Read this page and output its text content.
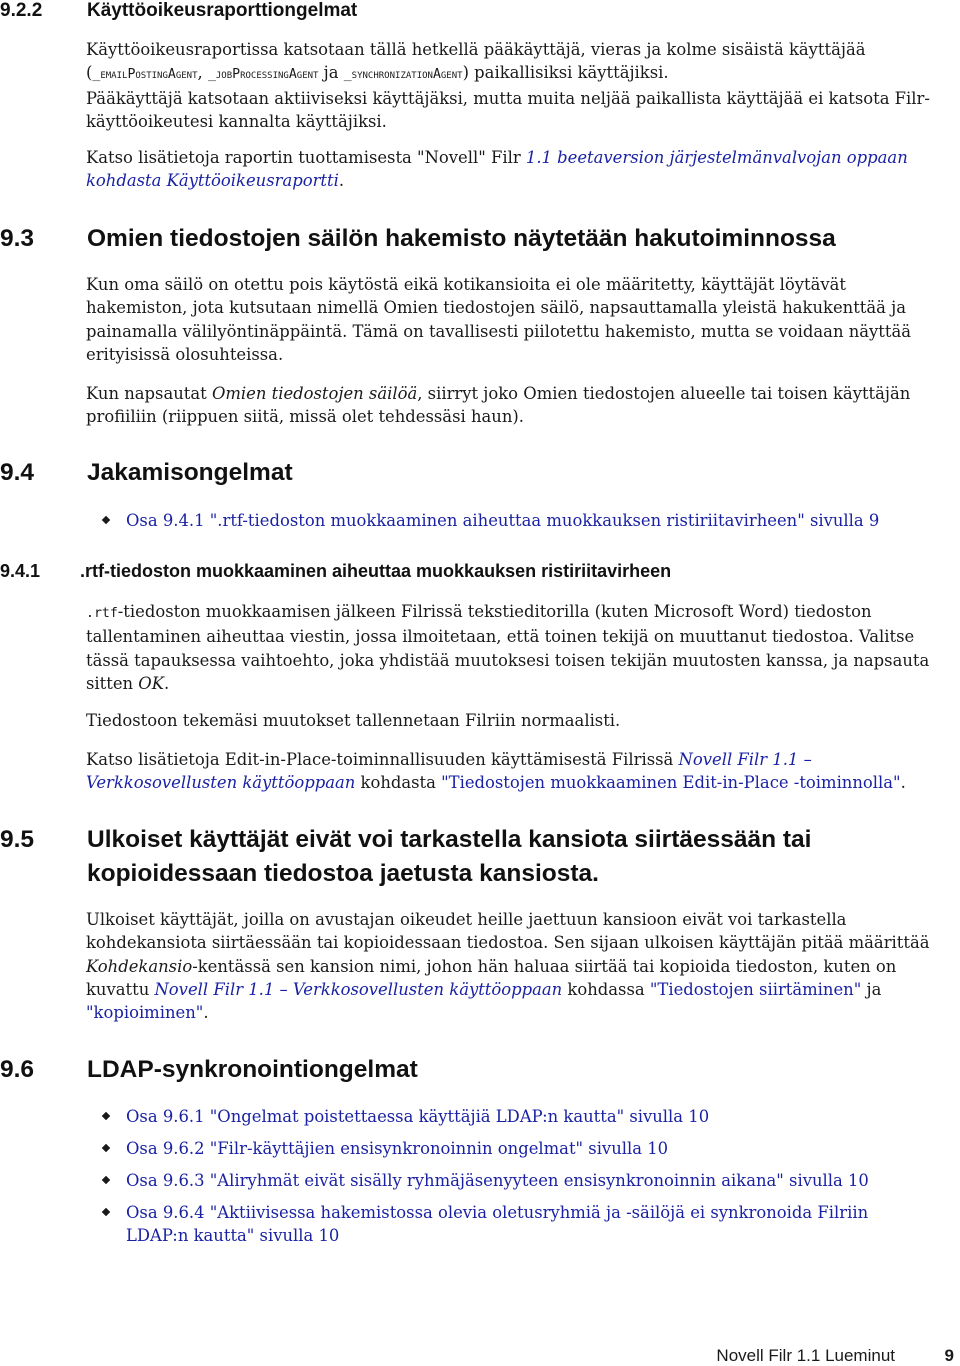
9.2.2 Käyttöoikeusraporttiongelmat

Käyttöoikeusraportissa katsotaan tällä hetkellä pääkäyttäjä, vieras ja kolme sisäistä käyttäjää
(_emailPostingAgent, _jobProcessingAgent ja _synchronizationAgent) paikallisiksi käyttäjiksi.
Pääkäyttäjä katsotaan aktiiviseksi käyttäjäksi, mutta muita neljää paikallista käyttäjää ei katsota Filr-
käyttöoikeutesi kannalta käyttäjiksi.

Katso lisätietoja raportin tuottamisesta "Novell" Filr 1.1 beetaversion järjestelmänvalvojan oppaan
kohdasta Käyttöoikeusraportti.

9.3 Omien tiedostojen säilön hakemisto näytetään hakutoiminnossa

Kun oma säilö on otettu pois käytöstä eikä kotikansioita ei ole määritetty, käyttäjät löytävät
hakemiston, jota kutsutaan nimellä Omien tiedostojen säilö, napsauttamalla yleistä hakukenttää ja
painamalla välilyöntinäppäintä. Tämä on tavallisesti piilotettu hakemisto, mutta se voidaan näyttää
erityisissä olosuhteissa.

Kun napsautat Omien tiedostojen säilöä, siirryt joko Omien tiedostojen alueelle tai toisen käyttäjän
profiiliin (riippuen siitä, missä olet tehdessäsi haun).

9.4 Jakamisongelmat
Osa 9.4.1 ".rtf-tiedoston muokkaaminen aiheuttaa muokkauksen ristiriitavirheen" sivulla 9
9.4.1 .rtf-tiedoston muokkaaminen aiheuttaa muokkauksen ristiriitavirheen

.rtf-tiedoston muokkaamisen jälkeen Filrissä tekstieditorilla (kuten Microsoft Word) tiedoston
tallentaminen aiheuttaa viestin, jossa ilmoitetaan, että toinen tekijä on muuttanut tiedostoa. Valitse
tässä tapauksessa vaihtoehto, joka yhdistää muutoksesi toisen tekijän muutosten kanssa, ja napsauta
sitten OK.

Tiedostoon tekemäsi muutokset tallennetaan Filriin normaalisti.

Katso lisätietoja Edit-in-Place-toiminnallisuuden käyttämisestä Filrissä Novell Filr 1.1 –
Verkkosovellusten käyttöoppaan kohdasta "Tiedostojen muokkaaminen Edit-in-Place -toiminnolla".

9.5 Ulkoiset käyttäjät eivät voi tarkastella kansiota siirtäessään tai
kopioidessaan tiedostoa jaetusta kansiosta.

Ulkoiset käyttäjät, joilla on avustajan oikeudet heille jaettuun kansioon eivät voi tarkastella
kohdekansiota siirtäessään tai kopioidessaan tiedostoa. Sen sijaan ulkoisen käyttäjän pitää määrittää
Kohdekansio-kentässä sen kansion nimi, johon hän haluaa siirtää tai kopioida tiedoston, kuten on
kuvattu Novell Filr 1.1 – Verkkosovellusten käyttöoppaan kohdassa "Tiedostojen siirtäminen" ja
"kopioiminen".

9.6 LDAP-synkronointiongelmat
Osa 9.6.1 "Ongelmat poistettaessa käyttäjiä LDAP:n kautta" sivulla 10
Osa 9.6.2 "Filr-käyttäjien ensisynkronoinnin ongelmat" sivulla 10
Osa 9.6.3 "Aliryhmät eivät sisälly ryhmäjäsenyyteen ensisynkronoinnin aikana" sivulla 10
Osa 9.6.4 "Aktiivisessa hakemistossa olevia oletusryhmiä ja -säilöjä ei synkronoida Filriin
LDAP:n kautta" sivulla 10
Novell Filr 1.1 Lueminut	9
